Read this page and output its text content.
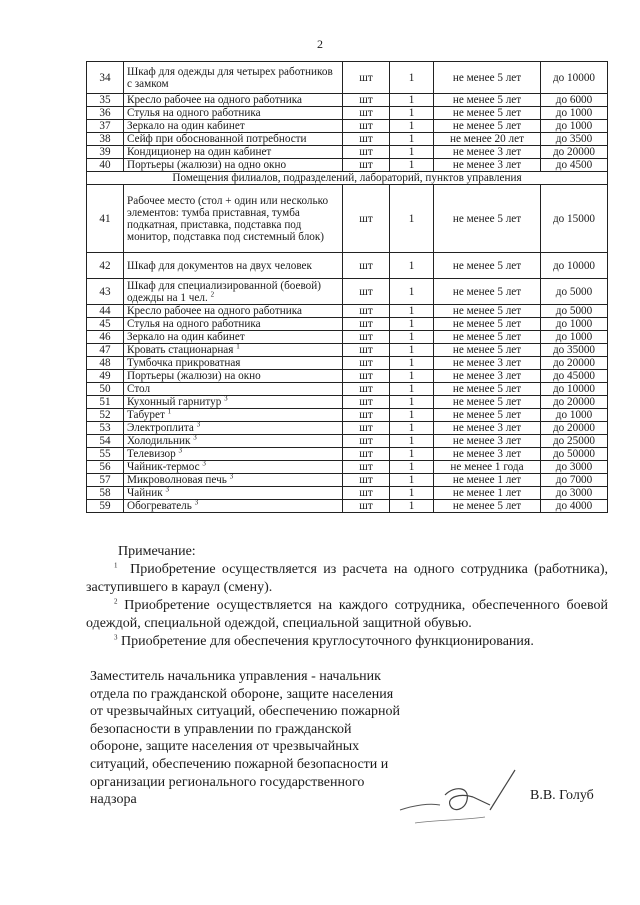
2
34	Шкаф для одежды для четырех работников с замком	шт	1	не менее 5 лет	до 10000
35	Кресло рабочее на одного работника	шт	1	не менее 5 лет	до 6000
36	Стулья на одного работника	шт	1	не менее 5 лет	до 1000
37	Зеркало на один кабинет	шт	1	не менее 5 лет	до 1000
38	Сейф при обоснованной потребности	шт	1	не менее 20 лет	до 3500
39	Кондиционер на один кабинет	шт	1	не менее 3 лет	до 20000
40	Портьеры (жалюзи) на одно окно	шт	1	не менее 3 лет	до 4500
Помещения филиалов, подразделений, лабораторий, пунктов управления					
41	Рабочее место (стол + один или несколько элементов: тумба приставная, тумба подкатная, приставка, подставка под монитор, подставка под системный блок)	шт	1	не менее 5 лет	до 15000
42	Шкаф для документов на двух человек	шт	1	не менее 5 лет	до 10000
43	Шкаф для специализированной (боевой) одежды на 1 чел. $^2$	шт	1	не менее 5 лет	до 5000
44	Кресло рабочее на одного работника	шт	1	не менее 5 лет	до 5000
45	Стулья на одного работника	шт	1	не менее 5 лет	до 1000
46	Зеркало на один кабинет	шт	1	не менее 5 лет	до 1000
47	Кровать стационарная $^1$	шт	1	не менее 5 лет	до 35000
48	Тумбочка прикроватная	шт	1	не менее 3 лет	до 20000
49	Портьеры (жалюзи) на окно	шт	1	не менее 3 лет	до 45000
50	Стол	шт	1	не менее 5 лет	до 10000
51	Кухонный гарнитур $^3$	шт	1	не менее 5 лет	до 20000
52	Табурет $^1$	шт	1	не менее 5 лет	до 1000
53	Электроплита $^3$	шт	1	не менее 3 лет	до 20000
54	Холодильник $^3$	шт	1	не менее 3 лет	до 25000
55	Телевизор $^3$	шт	1	не менее 3 лет	до 50000
56	Чайник-термос $^3$	шт	1	не менее 1 года	до 3000
57	Микроволновая печь $^3$	шт	1	не менее 1 лет	до 7000
58	Чайник $^3$	шт	1	не менее 1 лет	до 3000
59	Обогреватель $^3$	шт	1	не менее 5 лет	до 4000

Примечание:

$^1$ Приобретение осуществляется из расчета на одного сотрудника (работника), заступившего в караул (смену).

$^2$ Приобретение осуществляется на каждого сотрудника, обеспеченного боевой одеждой, специальной одеждой, специальной защитной обувью.

$^3$ Приобретение для обеспечения круглосуточного функционирования.

Заместитель начальника управления - начальник
отдела по гражданской обороне, защите населения
от чрезвычайных ситуаций, обеспечению пожарной
безопасности в управлении по гражданской
обороне, защите населения от чрезвычайных
ситуаций, обеспечению пожарной безопасности и
организации регионального государственного
надзора	В.В. Голуб
